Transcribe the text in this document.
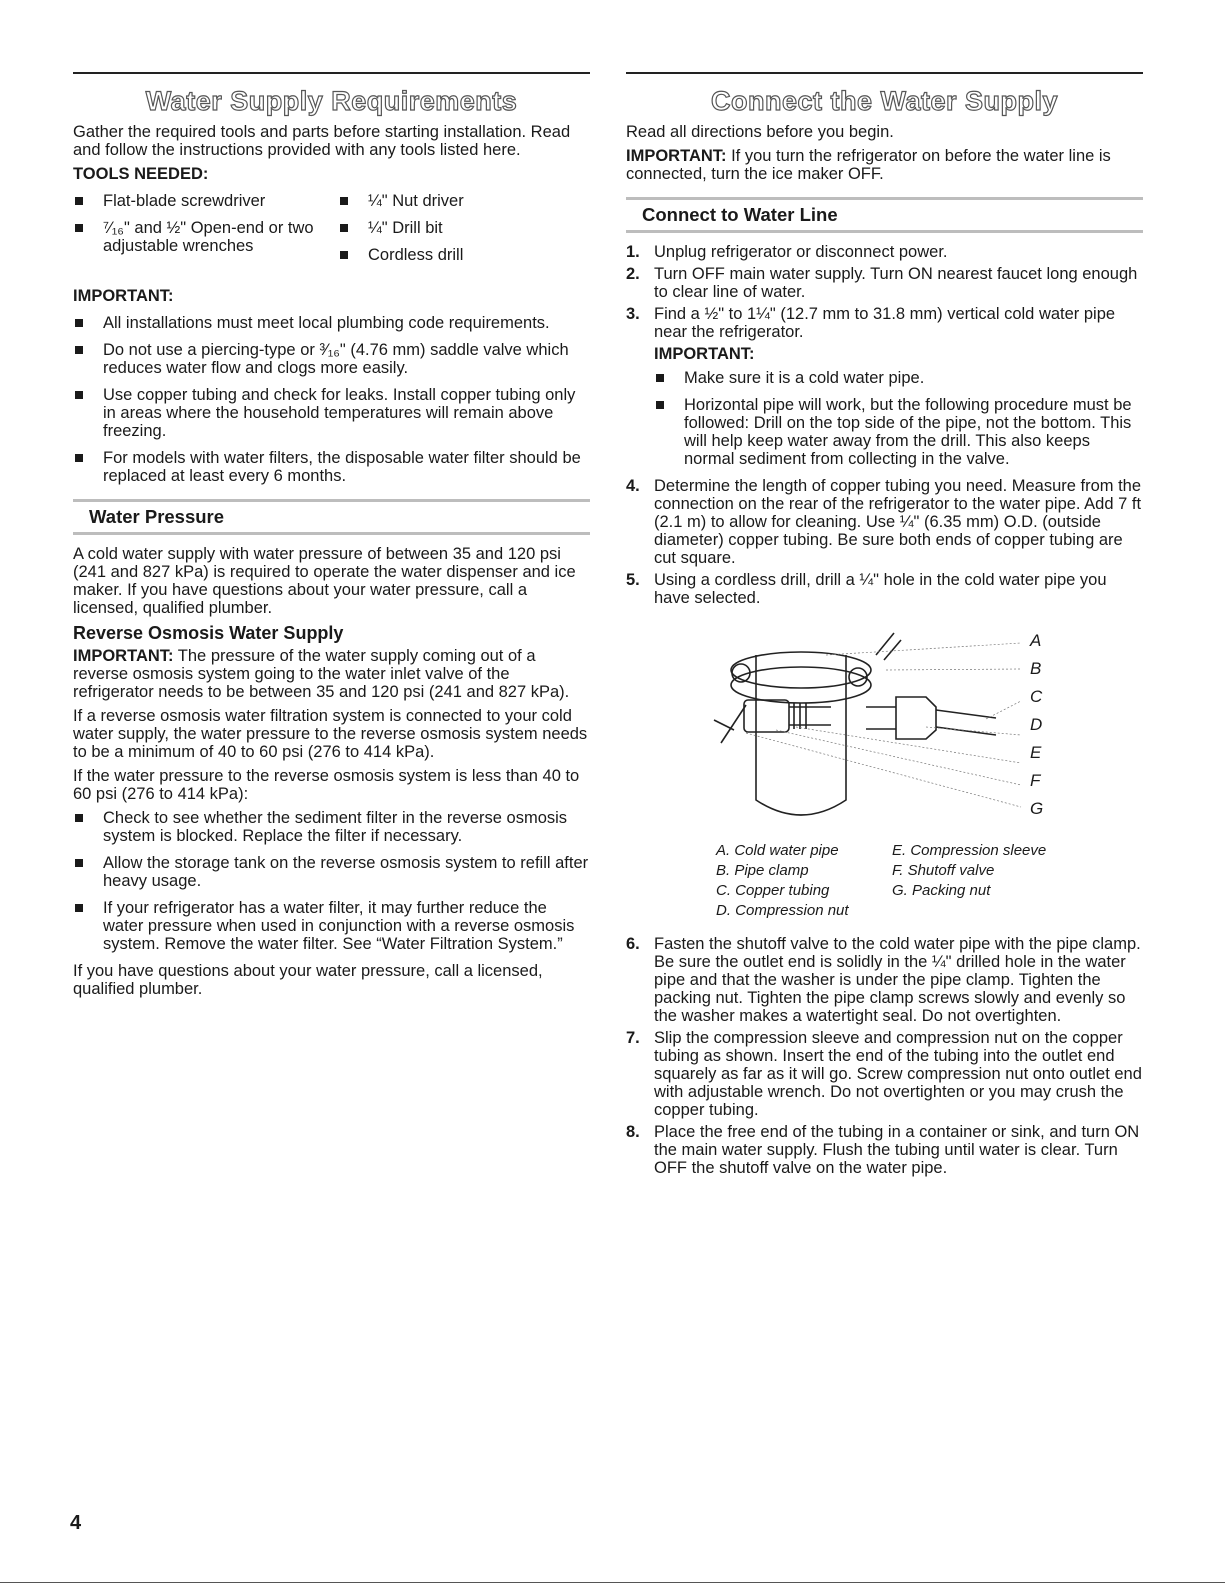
Water Supply Requirements

Gather the required tools and parts before starting installation. Read and follow the instructions provided with any tools listed here.

TOOLS NEEDED:
Flat-blade screwdriver
⁷⁄₁₆" and ½" Open-end or two adjustable wrenches
¼" Nut driver
¼" Drill bit
Cordless drill
IMPORTANT:
All installations must meet local plumbing code requirements.
Do not use a piercing-type or ³⁄₁₆" (4.76 mm) saddle valve which reduces water flow and clogs more easily.
Use copper tubing and check for leaks. Install copper tubing only in areas where the household temperatures will remain above freezing.
For models with water filters, the disposable water filter should be replaced at least every 6 months.
Water Pressure

A cold water supply with water pressure of between 35 and 120 psi (241 and 827 kPa) is required to operate the water dispenser and ice maker. If you have questions about your water pressure, call a licensed, qualified plumber.

Reverse Osmosis Water Supply

IMPORTANT: The pressure of the water supply coming out of a reverse osmosis system going to the water inlet valve of the refrigerator needs to be between 35 and 120 psi (241 and 827 kPa).

If a reverse osmosis water filtration system is connected to your cold water supply, the water pressure to the reverse osmosis system needs to be a minimum of 40 to 60 psi (276 to 414 kPa).

If the water pressure to the reverse osmosis system is less than 40 to 60 psi (276 to 414 kPa):

Check to see whether the sediment filter in the reverse osmosis system is blocked. Replace the filter if necessary.
Allow the storage tank on the reverse osmosis system to refill after heavy usage.
If your refrigerator has a water filter, it may further reduce the water pressure when used in conjunction with a reverse osmosis system. Remove the water filter. See “Water Filtration System.”

If you have questions about your water pressure, call a licensed, qualified plumber.

Connect the Water Supply

Read all directions before you begin.

IMPORTANT: If you turn the refrigerator on before the water line is connected, turn the ice maker OFF.

Connect to Water Line
1. Unplug refrigerator or disconnect power.
2. Turn OFF main water supply. Turn ON nearest faucet long enough to clear line of water.
3. Find a ½" to 1¼" (12.7 mm to 31.8 mm) vertical cold water pipe near the refrigerator.
IMPORTANT:
Make sure it is a cold water pipe.
Horizontal pipe will work, but the following procedure must be followed: Drill on the top side of the pipe, not the bottom. This will help keep water away from the drill. This also keeps normal sediment from collecting in the valve.
4. Determine the length of copper tubing you need. Measure from the connection on the rear of the refrigerator to the water pipe. Add 7 ft (2.1 m) to allow for cleaning. Use ¼" (6.35 mm) O.D. (outside diameter) copper tubing. Be sure both ends of copper tubing are cut square.
5. Using a cordless drill, drill a ¼" hole in the cold water pipe you have selected.
A
B
C
D
E
F
G
A. Cold water pipe	E. Compression sleeve
B. Pipe clamp	F. Shutoff valve
C. Copper tubing	G. Packing nut
D. Compression nut
6. Fasten the shutoff valve to the cold water pipe with the pipe clamp. Be sure the outlet end is solidly in the ¼" drilled hole in the water pipe and that the washer is under the pipe clamp. Tighten the packing nut. Tighten the pipe clamp screws slowly and evenly so the washer makes a watertight seal. Do not overtighten.
7. Slip the compression sleeve and compression nut on the copper tubing as shown. Insert the end of the tubing into the outlet end squarely as far as it will go. Screw compression nut onto outlet end with adjustable wrench. Do not overtighten or you may crush the copper tubing.
8. Place the free end of the tubing in a container or sink, and turn ON the main water supply. Flush the tubing until water is clear. Turn OFF the shutoff valve on the water pipe.
4
